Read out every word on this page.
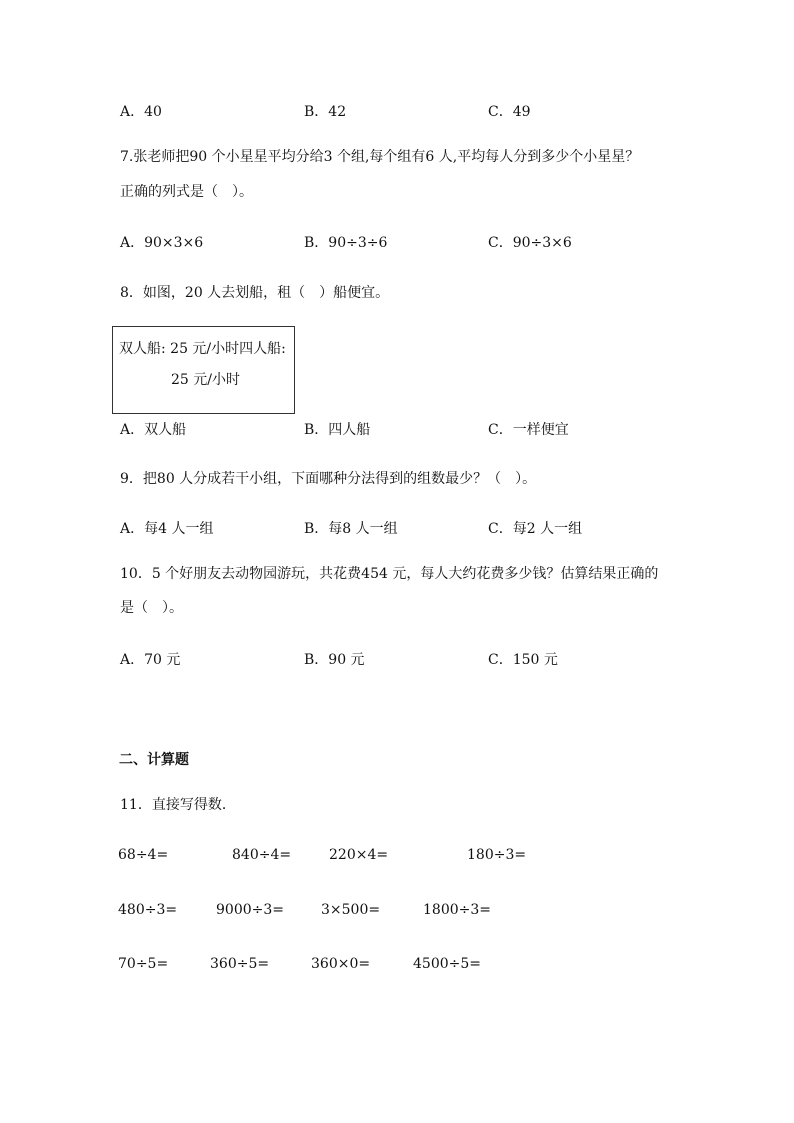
A．40	B．42	C．49
7.张老师把90 个小星星平均分给3 个组,每个组有6 人,平均每人分到多少个小星星？
正确的列式是（　）。
A．90×3×6	B．90÷3÷6	C．90÷3×6
8．如图，20 人去划船，租（　）船便宜。
双人船: 25 元/小时四人船:
25 元/小时
A．双人船	B．四人船	C．一样便宜
9．把80 人分成若干小组，下面哪种分法得到的组数最少？（　）。
A．每4 人一组	B．每8 人一组	C．每2 人一组
10．5 个好朋友去动物园游玩，共花费454 元，每人大约花费多少钱？估算结果正确的
是（　）。
A．70 元	B．90 元	C．150 元
二、计算题
11．直接写得数．
68÷4=	840÷4=	220×4=	180÷3=
480÷3=	9000÷3=	3×500=	1800÷3=
70÷5=	360÷5=	360×0=	4500÷5=
